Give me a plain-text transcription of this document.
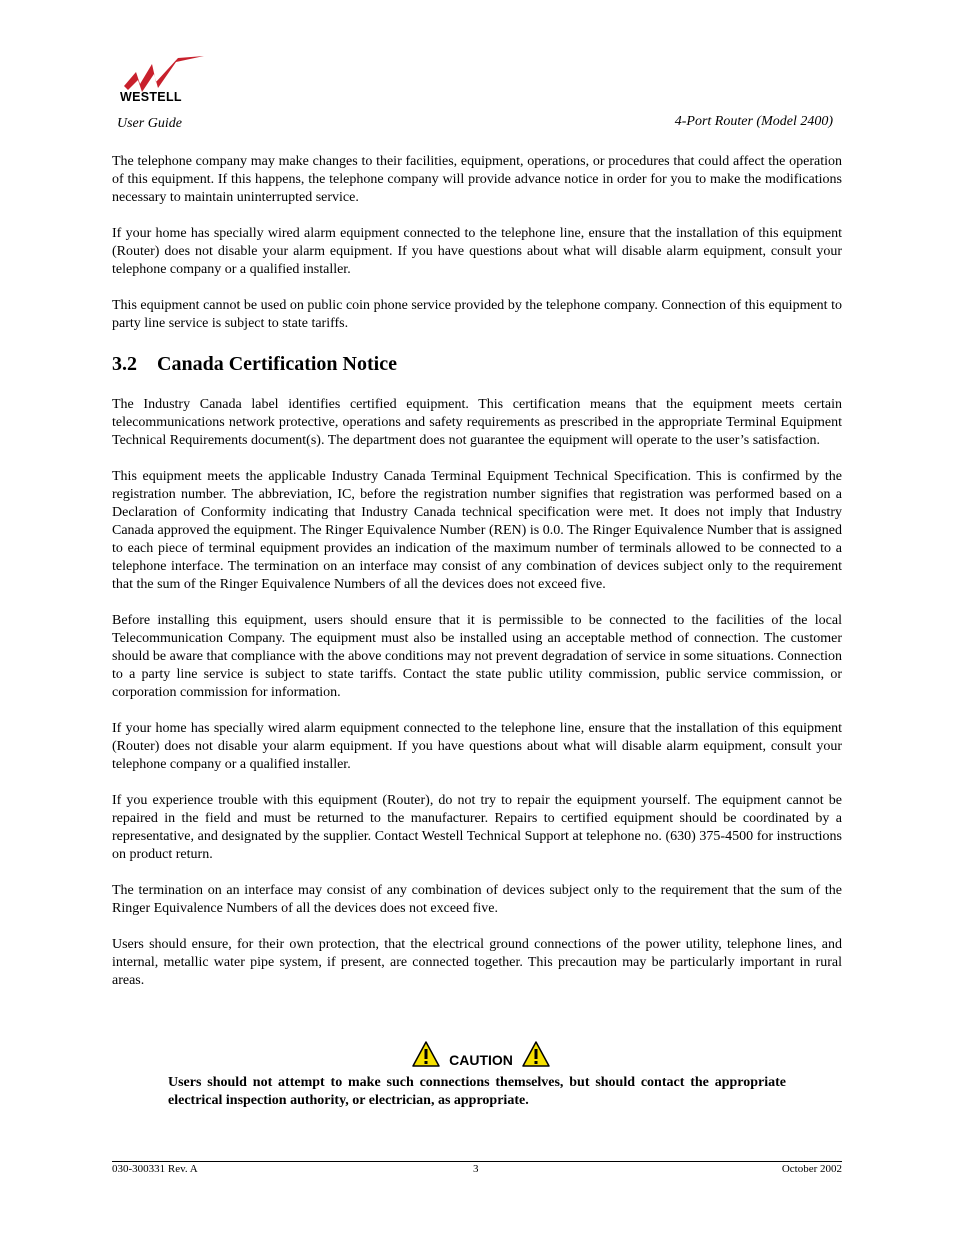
WESTELL
User Guide	4-Port Router (Model 2400)

The telephone company may make changes to their facilities, equipment, operations, or procedures that could affect the operation of this equipment. If this happens, the telephone company will provide advance notice in order for you to make the modifications necessary to maintain uninterrupted service.

If your home has specially wired alarm equipment connected to the telephone line, ensure that the installation of this equipment (Router) does not disable your alarm equipment. If you have questions about what will disable alarm equipment, consult your telephone company or a qualified installer.

This equipment cannot be used on public coin phone service provided by the telephone company. Connection of this equipment to party line service is subject to state tariffs.

3.2 Canada Certification Notice

The Industry Canada label identifies certified equipment. This certification means that the equipment meets certain telecommunications network protective, operations and safety requirements as prescribed in the appropriate Terminal Equipment Technical Requirements document(s). The department does not guarantee the equipment will operate to the user’s satisfaction.

This equipment meets the applicable Industry Canada Terminal Equipment Technical Specification. This is confirmed by the registration number. The abbreviation, IC, before the registration number signifies that registration was performed based on a Declaration of Conformity indicating that Industry Canada technical specification were met. It does not imply that Industry Canada approved the equipment. The Ringer Equivalence Number (REN) is 0.0. The Ringer Equivalence Number that is assigned to each piece of terminal equipment provides an indication of the maximum number of terminals allowed to be connected to a telephone interface. The termination on an interface may consist of any combination of devices subject only to the requirement that the sum of the Ringer Equivalence Numbers of all the devices does not exceed five.

Before installing this equipment, users should ensure that it is permissible to be connected to the facilities of the local Telecommunication Company. The equipment must also be installed using an acceptable method of connection. The customer should be aware that compliance with the above conditions may not prevent degradation of service in some situations. Connection to a party line service is subject to state tariffs. Contact the state public utility commission, public service commission, or corporation commission for information.

If your home has specially wired alarm equipment connected to the telephone line, ensure that the installation of this equipment (Router) does not disable your alarm equipment. If you have questions about what will disable alarm equipment, consult your telephone company or a qualified installer.

If you experience trouble with this equipment (Router), do not try to repair the equipment yourself. The equipment cannot be repaired in the field and must be returned to the manufacturer. Repairs to certified equipment should be coordinated by a representative, and designated by the supplier. Contact Westell Technical Support at telephone no. (630) 375-4500 for instructions on product return.

The termination on an interface may consist of any combination of devices subject only to the requirement that the sum of the Ringer Equivalence Numbers of all the devices does not exceed five.

Users should ensure, for their own protection, that the electrical ground connections of the power utility, telephone lines, and internal, metallic water pipe system, if present, are connected together. This precaution may be particularly important in rural areas.

CAUTION
Users should not attempt to make such connections themselves, but should contact the appropriate electrical inspection authority, or electrician, as appropriate.
030-300331 Rev. A	3	October 2002
